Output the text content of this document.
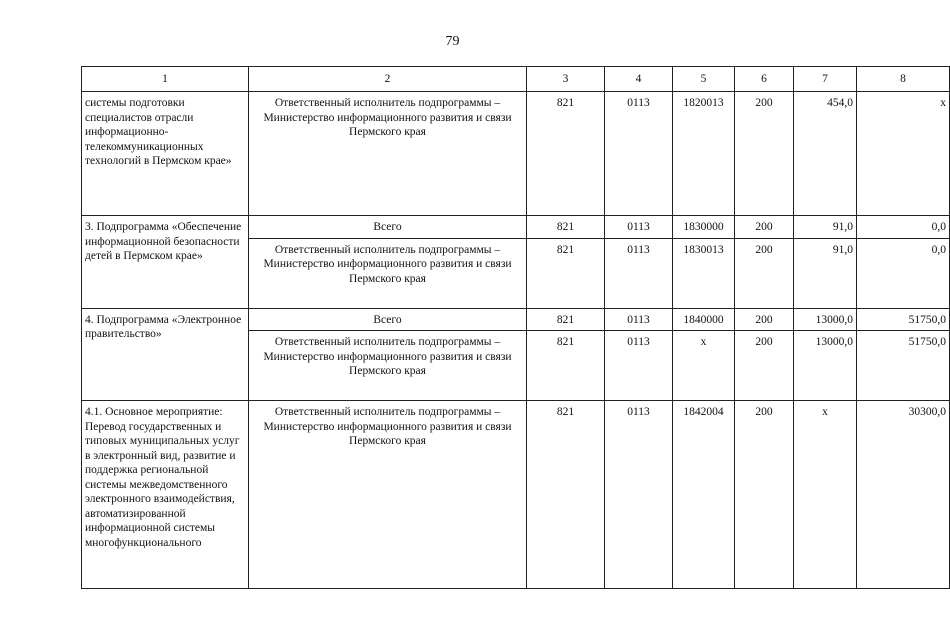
79
1	2	3	4	5	6	7	8
системы подготовки специалистов отрасли информационно-телекоммуникационных технологий в Пермском крае»	Ответственный исполнитель подпрограммы – Министерство информационного развития и связи Пермского края	821	0113	1820013	200	454,0	х
3. Подпрограмма «Обеспечение информационной безопасности детей в Пермском крае»	Всего	821	0113	1830000	200	91,0	0,0
	Ответственный исполнитель подпрограммы – Министерство информационного развития и связи Пермского края	821	0113	1830013	200	91,0	0,0
4. Подпрограмма «Электронное правительство»	Всего	821	0113	1840000	200	13000,0	51750,0
	Ответственный исполнитель подпрограммы – Министерство информационного развития и связи Пермского края	821	0113	х	200	13000,0	51750,0
4.1. Основное мероприятие: Перевод государственных и типовых муниципальных услуг в электронный вид, развитие и поддержка региональной системы межведомственного электронного взаимодействия, автоматизированной информационной системы многофункционального	Ответственный исполнитель подпрограммы – Министерство информационного развития и связи Пермского края	821	0113	1842004	200	х	30300,0
